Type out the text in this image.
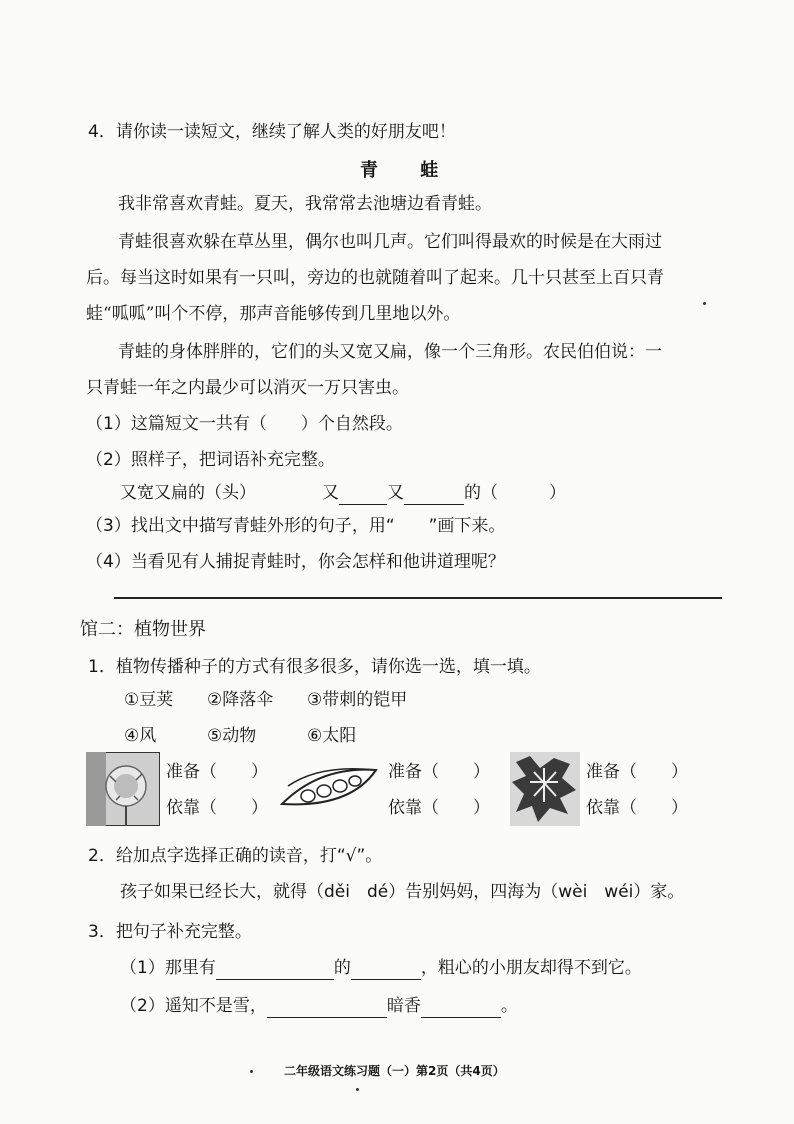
4．请你读一读短文，继续了解人类的好朋友吧！
青 蛙
我非常喜欢青蛙。夏天，我常常去池塘边看青蛙。
青蛙很喜欢躲在草丛里，偶尔也叫几声。它们叫得最欢的时候是在大雨过
后。每当这时如果有一只叫，旁边的也就随着叫了起来。几十只甚至上百只青
蛙“呱呱”叫个不停，那声音能够传到几里地以外。
青蛙的身体胖胖的，它们的头又宽又扁，像一个三角形。农民伯伯说：一
只青蛙一年之内最少可以消灭一万只害虫。
（1）这篇短文一共有（　　）个自然段。
（2）照样子，把词语补充完整。
又宽又扁的（头）	又	又	的（　　　）
（3）找出文中描写青蛙外形的句子，用“　　”画下来。
（4）当看见有人捕捉青蛙时，你会怎样和他讲道理呢？
馆二：植物世界
1．植物传播种子的方式有很多很多，请你选一选，填一填。
①豆荚 ②降落伞 ③带刺的铠甲
④风	⑤动物	⑥太阳
准备（　　）
依靠（　　）
准备（　　）
依靠（　　）
准备（　　）
依靠（　　）
2．给加点字选择正确的读音，打“√”。
孩子如果已经长大，就得（děi　dé）告别妈妈，四海为（wèi　wéi）家。
3．把句子补充完整。
（1）那里有	的	，粗心的小朋友却得不到它。
（2）遥知不是雪，	暗香	。
二年级语文练习题（一）第2页（共4页）
